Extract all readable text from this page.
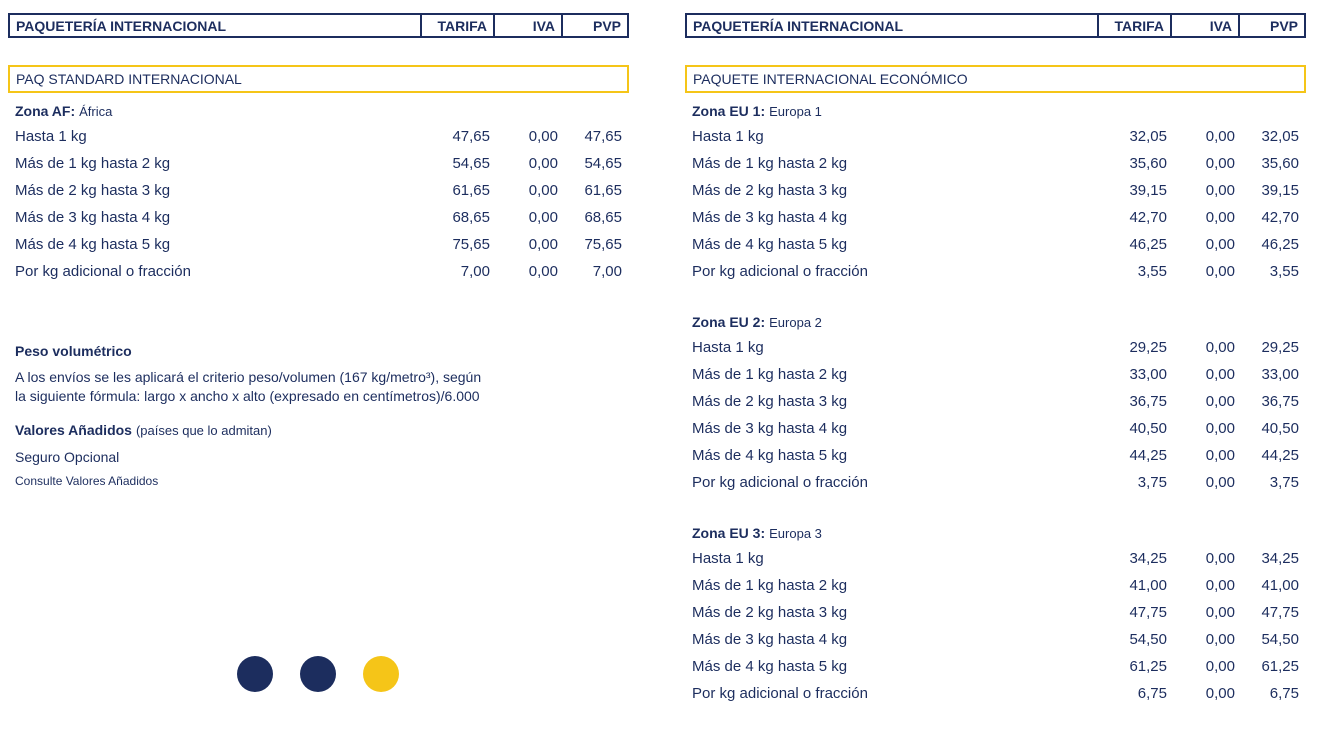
PAQUETERÍA INTERNACIONAL	TARIFA	IVA	PVP
PAQ STANDARD INTERNACIONAL
Zona AF: África
Hasta 1 kg	47,65	0,00	47,65
Más de 1 kg hasta 2 kg	54,65	0,00	54,65
Más de 2 kg hasta 3 kg	61,65	0,00	61,65
Más de 3 kg hasta 4 kg	68,65	0,00	68,65
Más de 4 kg hasta 5 kg	75,65	0,00	75,65
Por kg adicional o fracción	7,00	0,00	7,00
PAQUETERÍA INTERNACIONAL	TARIFA	IVA	PVP
PAQUETE INTERNACIONAL ECONÓMICO
Zona EU 1: Europa 1
Hasta 1 kg	32,05	0,00	32,05
Más de 1 kg hasta 2 kg	35,60	0,00	35,60
Más de 2 kg hasta 3 kg	39,15	0,00	39,15
Más de 3 kg hasta 4 kg	42,70	0,00	42,70
Más de 4 kg hasta 5 kg	46,25	0,00	46,25
Por kg adicional o fracción	3,55	0,00	3,55
Zona EU 2: Europa 2
Hasta 1 kg	29,25	0,00	29,25
Más de 1 kg hasta 2 kg	33,00	0,00	33,00
Más de 2 kg hasta 3 kg	36,75	0,00	36,75
Más de 3 kg hasta 4 kg	40,50	0,00	40,50
Más de 4 kg hasta 5 kg	44,25	0,00	44,25
Por kg adicional o fracción	3,75	0,00	3,75
Zona EU 3: Europa 3
Hasta 1 kg	34,25	0,00	34,25
Más de 1 kg hasta 2 kg	41,00	0,00	41,00
Más de 2 kg hasta 3 kg	47,75	0,00	47,75
Más de 3 kg hasta 4 kg	54,50	0,00	54,50
Más de 4 kg hasta 5 kg	61,25	0,00	61,25
Por kg adicional o fracción	6,75	0,00	6,75
Peso volumétrico
A los envíos se les aplicará el criterio peso/volumen (167 kg/metro³), según
la siguiente fórmula: largo x ancho x alto (expresado en centímetros)/6.000
Valores Añadidos (países que lo admitan)
Seguro Opcional
Consulte Valores Añadidos
